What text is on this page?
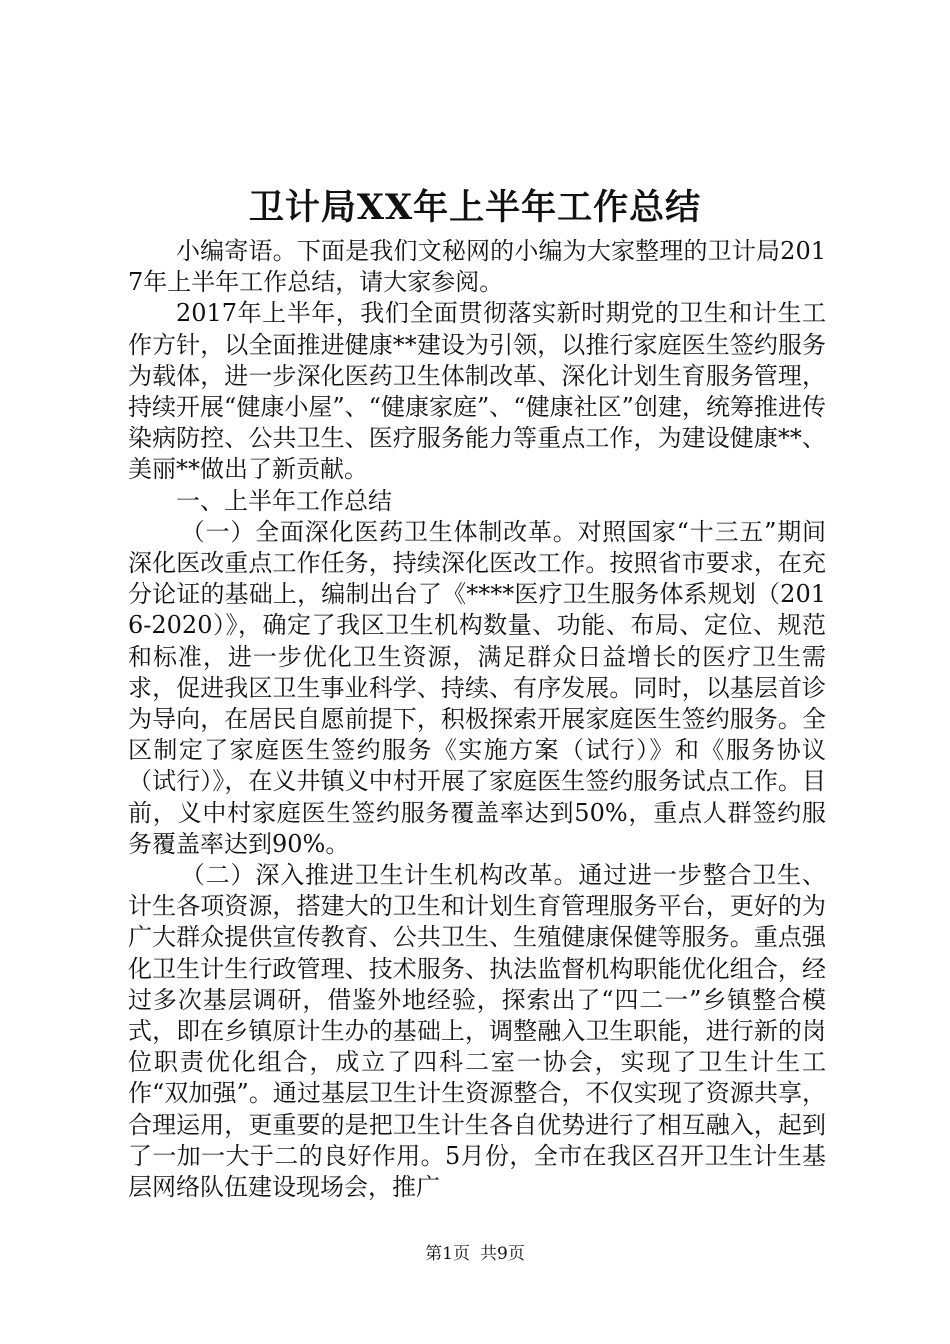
卫计局XX年上半年工作总结

小编寄语。下面是我们文秘网的小编为大家整理的卫计局2017年上半年工作总结，请大家参阅。

2017年上半年，我们全面贯彻落实新时期党的卫生和计生工作方针，以全面推进健康**建设为引领，以推行家庭医生签约服务为载体，进一步深化医药卫生体制改革、深化计划生育服务管理，持续开展“健康小屋”、“健康家庭”、“健康社区”创建，统筹推进传染病防控、公共卫生、医疗服务能力等重点工作，为建设健康**、美丽**做出了新贡献。

一、上半年工作总结

（一）全面深化医药卫生体制改革。对照国家“十三五”期间深化医改重点工作任务，持续深化医改工作。按照省市要求，在充分论证的基础上，编制出台了《****医疗卫生服务体系规划（2016-2020）》，确定了我区卫生机构数量、功能、布局、定位、规范和标准，进一步优化卫生资源，满足群众日益增长的医疗卫生需求，促进我区卫生事业科学、持续、有序发展。同时，以基层首诊为导向，在居民自愿前提下，积极探索开展家庭医生签约服务。全区制定了家庭医生签约服务《实施方案（试行）》和《服务协议（试行）》，在义井镇义中村开展了家庭医生签约服务试点工作。目前，义中村家庭医生签约服务覆盖率达到50%，重点人群签约服务覆盖率达到90%。

（二）深入推进卫生计生机构改革。通过进一步整合卫生、计生各项资源，搭建大的卫生和计划生育管理服务平台，更好的为广大群众提供宣传教育、公共卫生、生殖健康保健等服务。重点强化卫生计生行政管理、技术服务、执法监督机构职能优化组合，经过多次基层调研，借鉴外地经验，探索出了“四二一”乡镇整合模式，即在乡镇原计生办的基础上，调整融入卫生职能，进行新的岗位职责优化组合，成立了四科二室一协会，实现了卫生计生工作“双加强”。通过基层卫生计生资源整合，不仅实现了资源共享，合理运用，更重要的是把卫生计生各自优势进行了相互融入，起到了一加一大于二的良好作用。5月份，全市在我区召开卫生计生基层网络队伍建设现场会，推广

第1页 共9页
